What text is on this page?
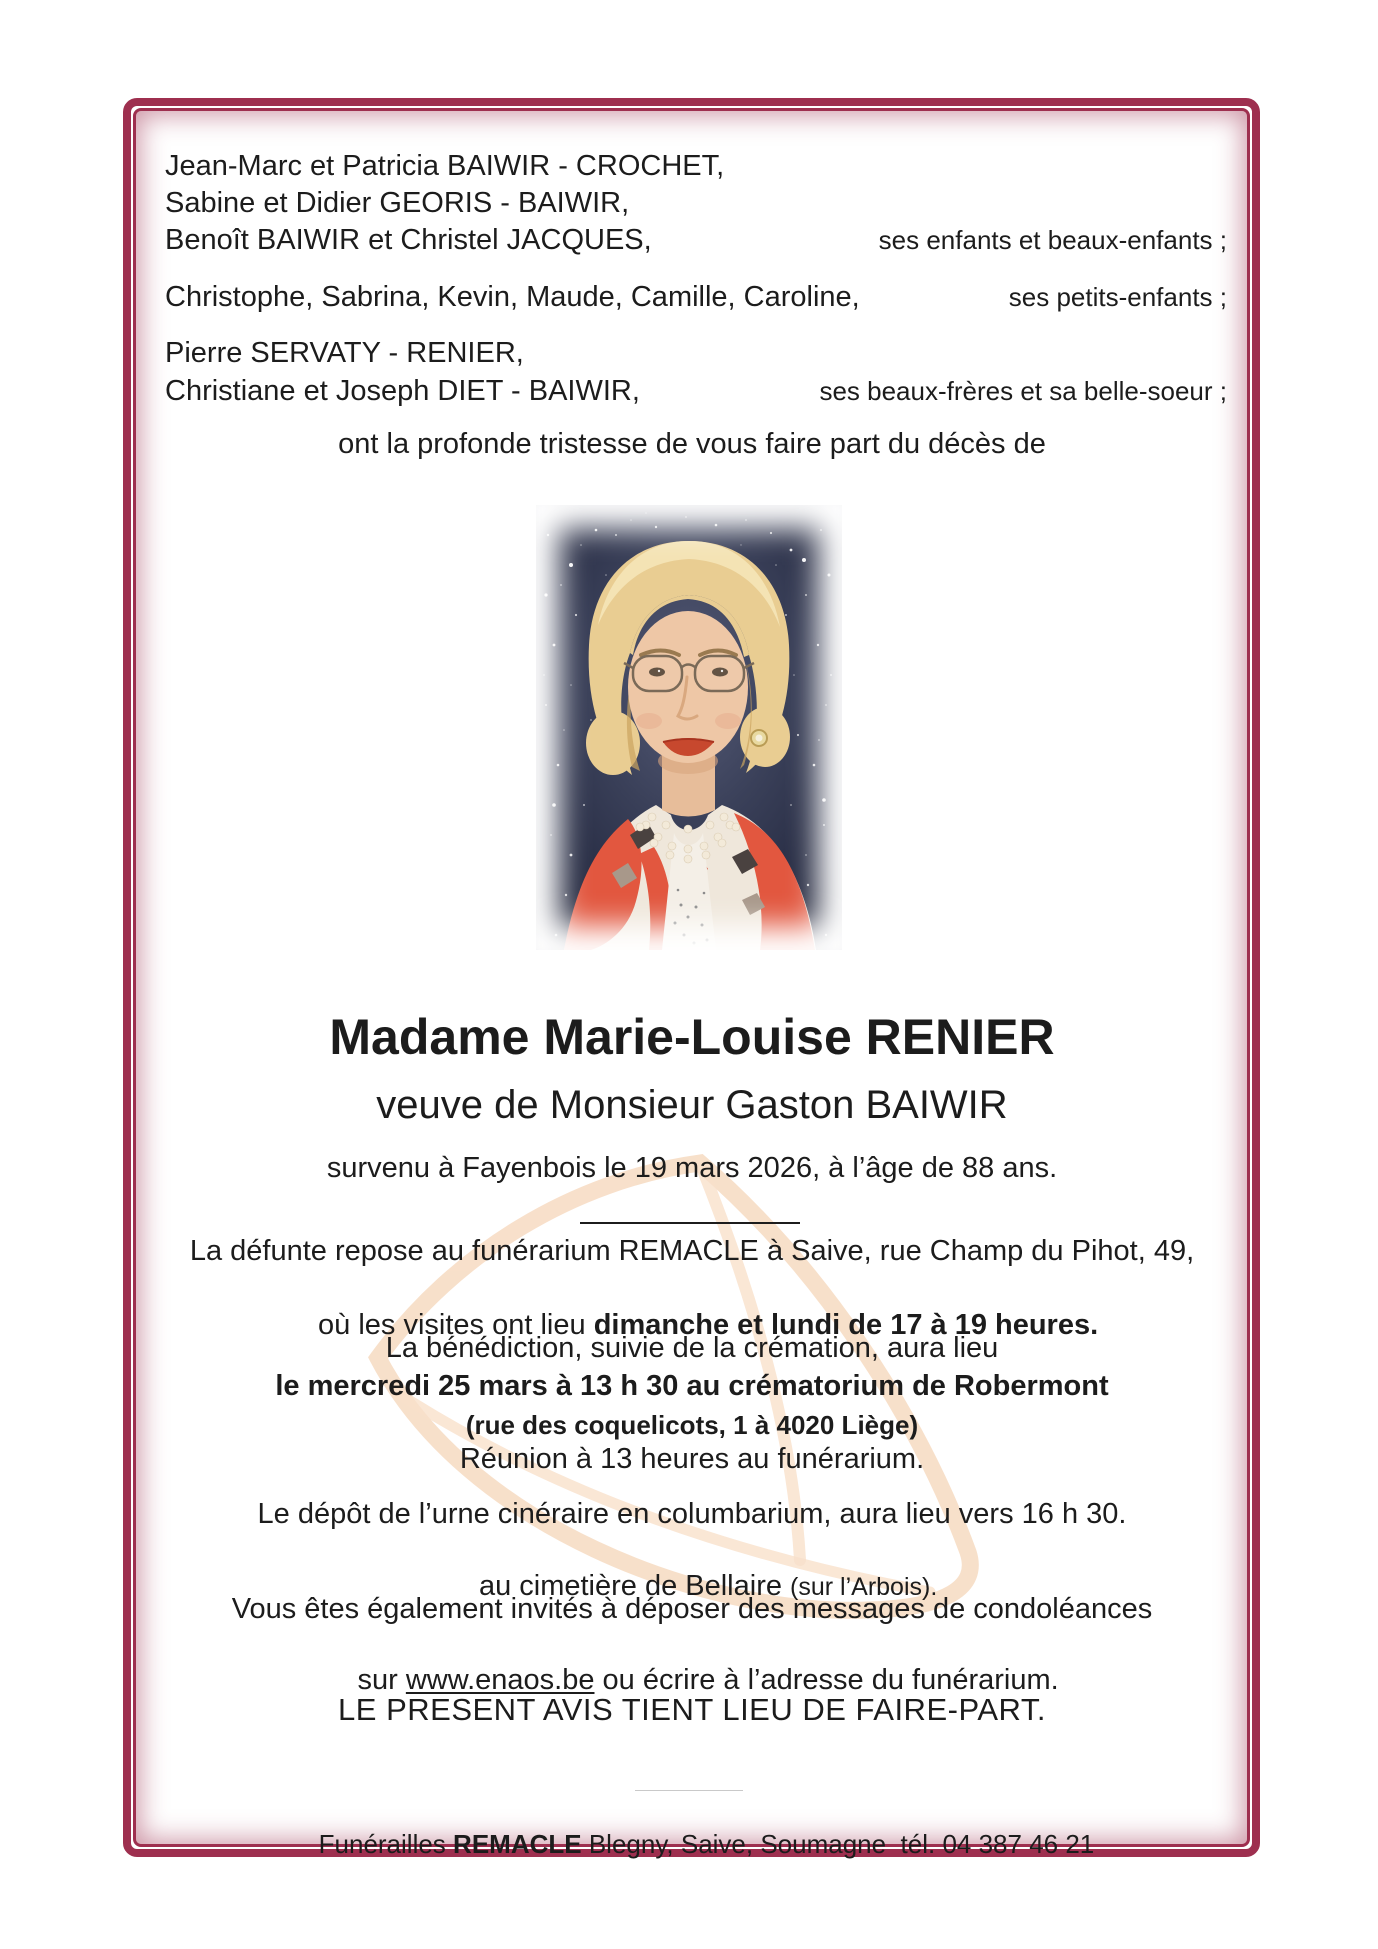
Jean-Marc et Patricia BAIWIR - CROCHET,
Sabine et Didier GEORIS - BAIWIR,
Benoît BAIWIR et Christel JACQUES,	ses enfants et beaux-enfants ;
Christophe, Sabrina, Kevin, Maude, Camille, Caroline,	ses petits-enfants ;
Pierre SERVATY - RENIER,
Christiane et Joseph DIET - BAIWIR,	ses beaux-frères et sa belle-soeur ;
ont la profonde tristesse de vous faire part du décès de
Madame Marie-Louise RENIER
veuve de Monsieur Gaston BAIWIR
survenu à Fayenbois le 19 mars 2026, à l’âge de 88 ans.
La défunte repose au funérarium REMACLE à Saive, rue Champ du Pihot, 49,

où les visites ont lieu dimanche et lundi de 17 à 19 heures.

La bénédiction, suivie de la crémation, aura lieu
le mercredi 25 mars à 13 h 30 au crématorium de Robermont
(rue des coquelicots, 1 à 4020 Liège)
Réunion à 13 heures au funérarium.
Le dépôt de l’urne cinéraire en columbarium, aura lieu vers 16 h 30.

au cimetière de Bellaire (sur l’Arbois).

Vous êtes également invités à déposer des messages de condoléances

sur www.enaos.be ou écrire à l’adresse du funérarium.

LE PRESENT AVIS TIENT LIEU DE FAIRE-PART.

Funérailles REMACLE Blegny, Saive, Soumagne  tél. 04 387 46 21
